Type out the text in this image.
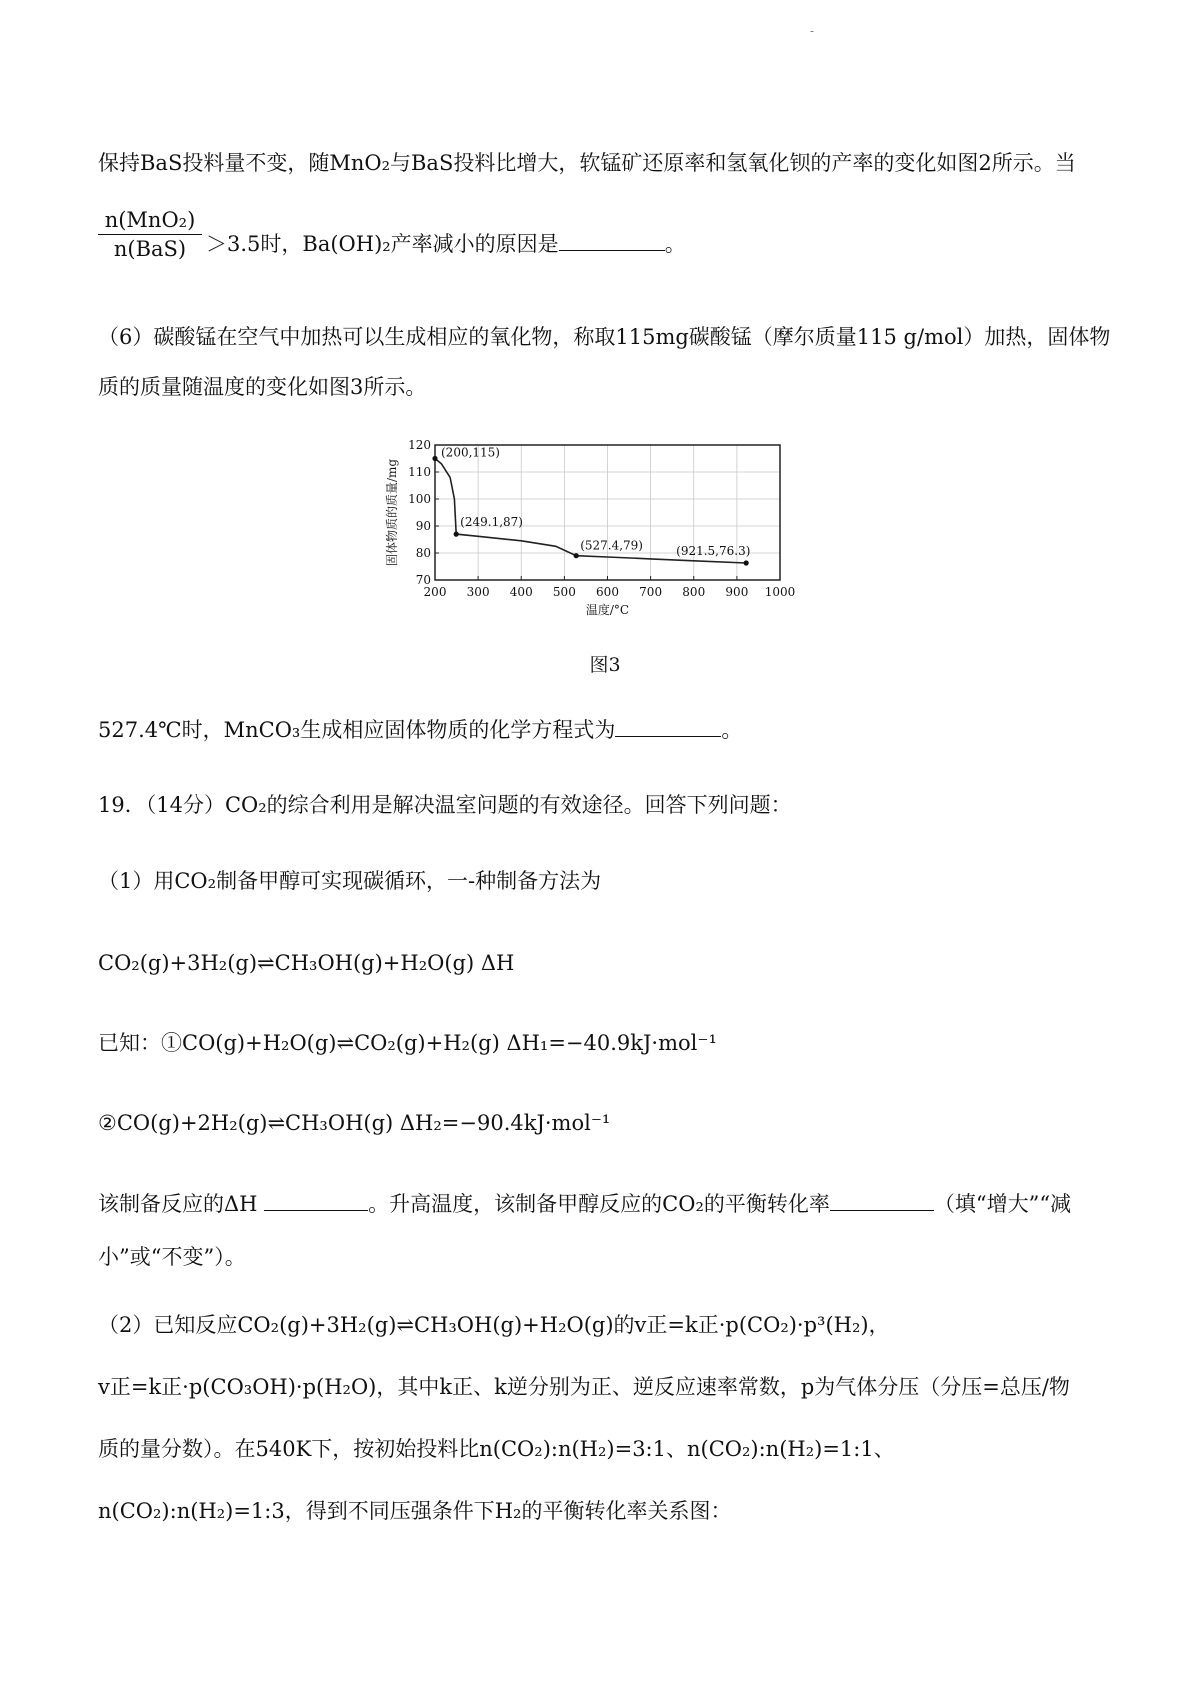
-
保持BaS投料量不变，随MnO₂与BaS投料比增大，软锰矿还原率和氢氧化钡的产率的变化如图2所示。当
n(MnO₂)
n(BaS) ＞3.5时，Ba(OH)₂产率减小的原因是	。
（6）碳酸锰在空气中加热可以生成相应的氧化物，称取115mg碳酸锰（摩尔质量115 g/mol）加热，固体物
质的质量随温度的变化如图3所示。
200 300 400 500 600 700 800 900 1000
70
80
90
100
110
120
温度/°C
固体物质的质量/mg
(200,115)
(249.1,87)
(527.4,79)	(921.5,76.3)
图3
527.4℃时，MnCO₃生成相应固体物质的化学方程式为	。
19．（14分）CO₂的综合利用是解决温室问题的有效途径。回答下列问题：
（1）用CO₂制备甲醇可实现碳循环，一-种制备方法为
CO₂(g)+3H₂(g)⇌CH₃OH(g)+H₂O(g) ΔH
已知：①CO(g)+H₂O(g)⇌CO₂(g)+H₂(g) ΔH₁=−40.9kJ·mol⁻¹
②CO(g)+2H₂(g)⇌CH₃OH(g) ΔH₂=−90.4kJ·mol⁻¹
该制备反应的ΔH	。升高温度，该制备甲醇反应的CO₂的平衡转化率	（填“增大”“减
小”或“不变”）。
（2）已知反应CO₂(g)+3H₂(g)⇌CH₃OH(g)+H₂O(g)的v正=k正·p(CO₂)·p³(H₂)，
v正=k正·p(CO₃OH)·p(H₂O)，其中k正、k逆分别为正、逆反应速率常数，p为气体分压（分压=总压/物
质的量分数）。在540K下，按初始投料比n(CO₂):n(H₂)=3:1、n(CO₂):n(H₂)=1:1、
n(CO₂):n(H₂)=1:3，得到不同压强条件下H₂的平衡转化率关系图：
